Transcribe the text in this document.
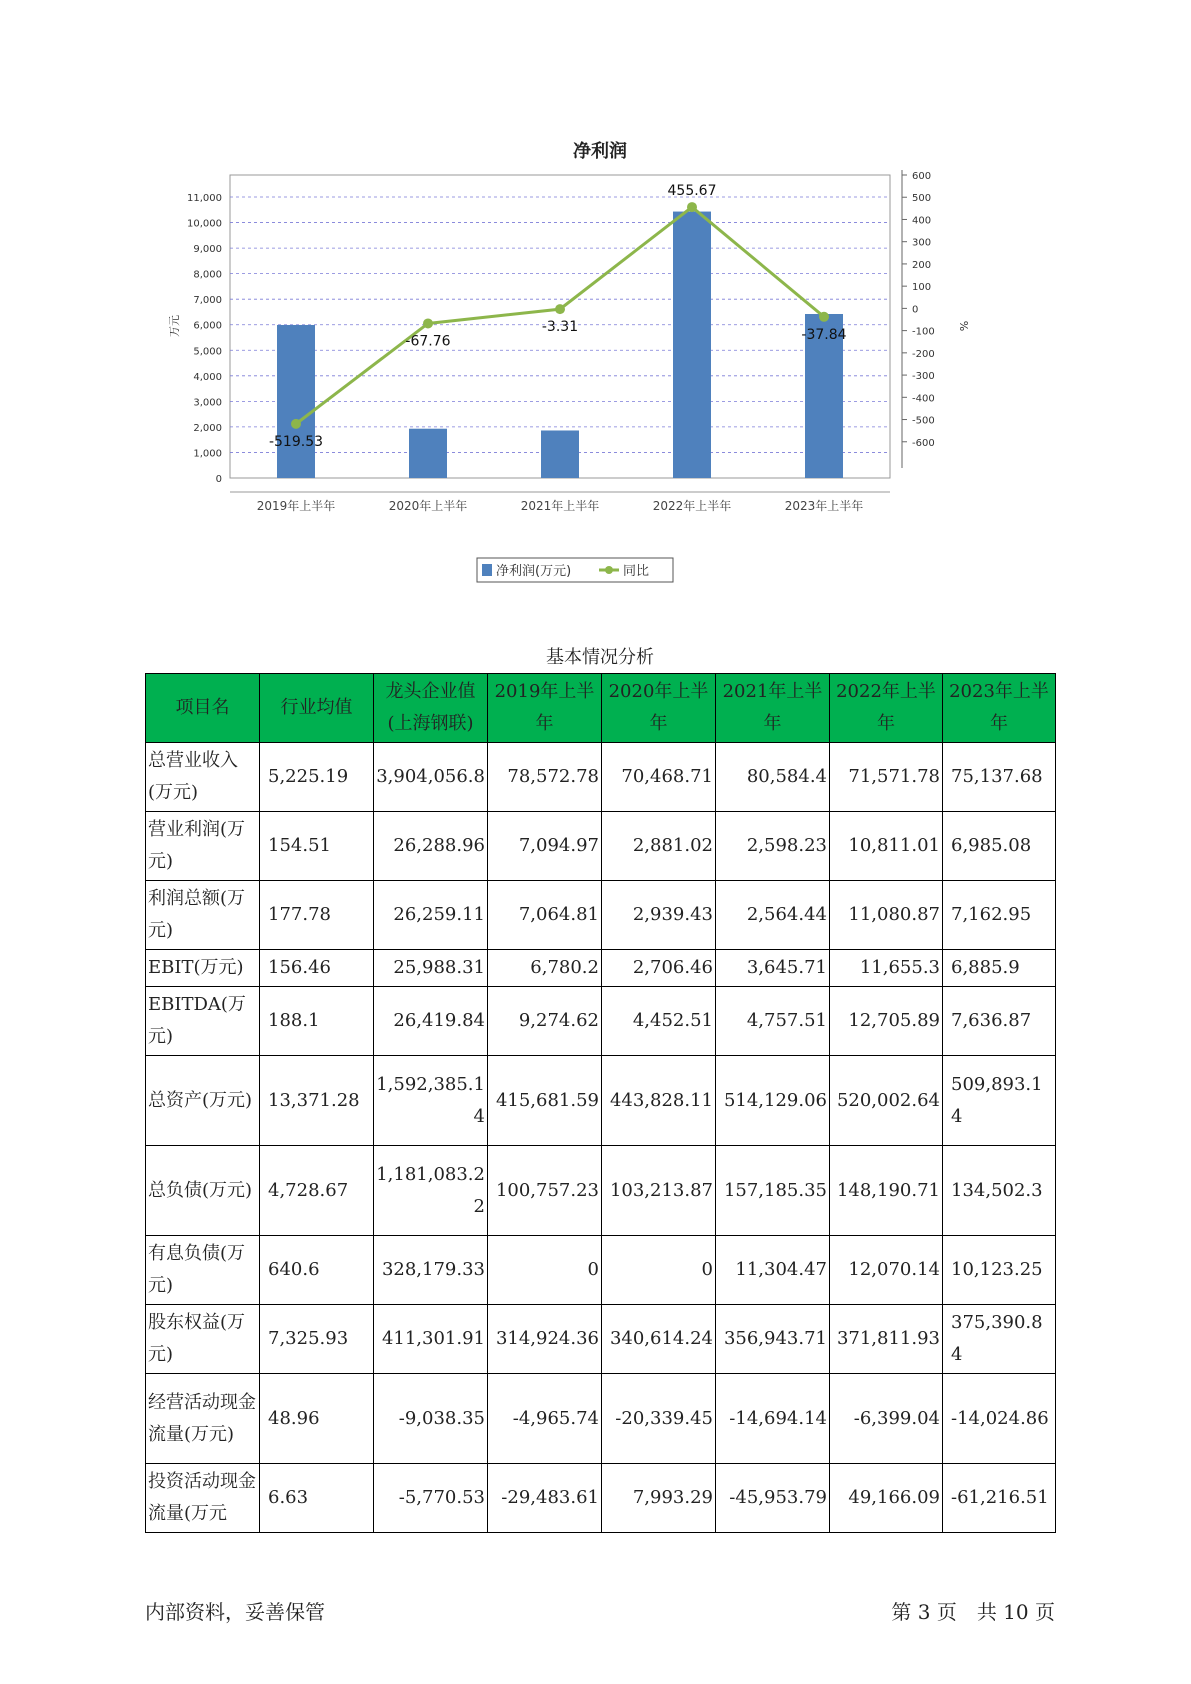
净利润
0
1,000
2,000
3,000
4,000
5,000
6,000
7,000
8,000
9,000
10,000
11,000
万元
600
500
400
300
200
100
0
-100
-200
-300
-400
-500
-600
%
2019年上半年	2020年上半年	2021年上半年	2022年上半年	2023年上半年
-519.53
-67.76
-3.31
455.67
-37.84
净利润(万元)	同比
基本情况分析
项目名	行业均值	龙头企业值(上海钢联)	2019年上半年	2020年上半年	2021年上半年	2022年上半年	2023年上半年
总营业收入(万元)	5,225.19	3,904,056.8	78,572.78	70,468.71	80,584.4	71,571.78	75,137.68
营业利润(万元)	154.51	26,288.96	7,094.97	2,881.02	2,598.23	10,811.01	6,985.08
利润总额(万元)	177.78	26,259.11	7,064.81	2,939.43	2,564.44	11,080.87	7,162.95
EBIT(万元)	156.46	25,988.31	6,780.2	2,706.46	3,645.71	11,655.3	6,885.9
EBITDA(万元)	188.1	26,419.84	9,274.62	4,452.51	4,757.51	12,705.89	7,636.87
总资产(万元)	13,371.28	1,592,385.14	415,681.59	443,828.11	514,129.06	520,002.64	509,893.14
总负债(万元)	4,728.67	1,181,083.22	100,757.23	103,213.87	157,185.35	148,190.71	134,502.3
有息负债(万元)	640.6	328,179.33	0	0	11,304.47	12,070.14	10,123.25
股东权益(万元)	7,325.93	411,301.91	314,924.36	340,614.24	356,943.71	371,811.93	375,390.84
经营活动现金流量(万元)	48.96	-9,038.35	-4,965.74	-20,339.45	-14,694.14	-6,399.04	-14,024.86
投资活动现金流量(万元	6.63	-5,770.53	-29,483.61	7,993.29	-45,953.79	49,166.09	-61,216.51
内部资料，妥善保管	第 3 页　共 10 页
